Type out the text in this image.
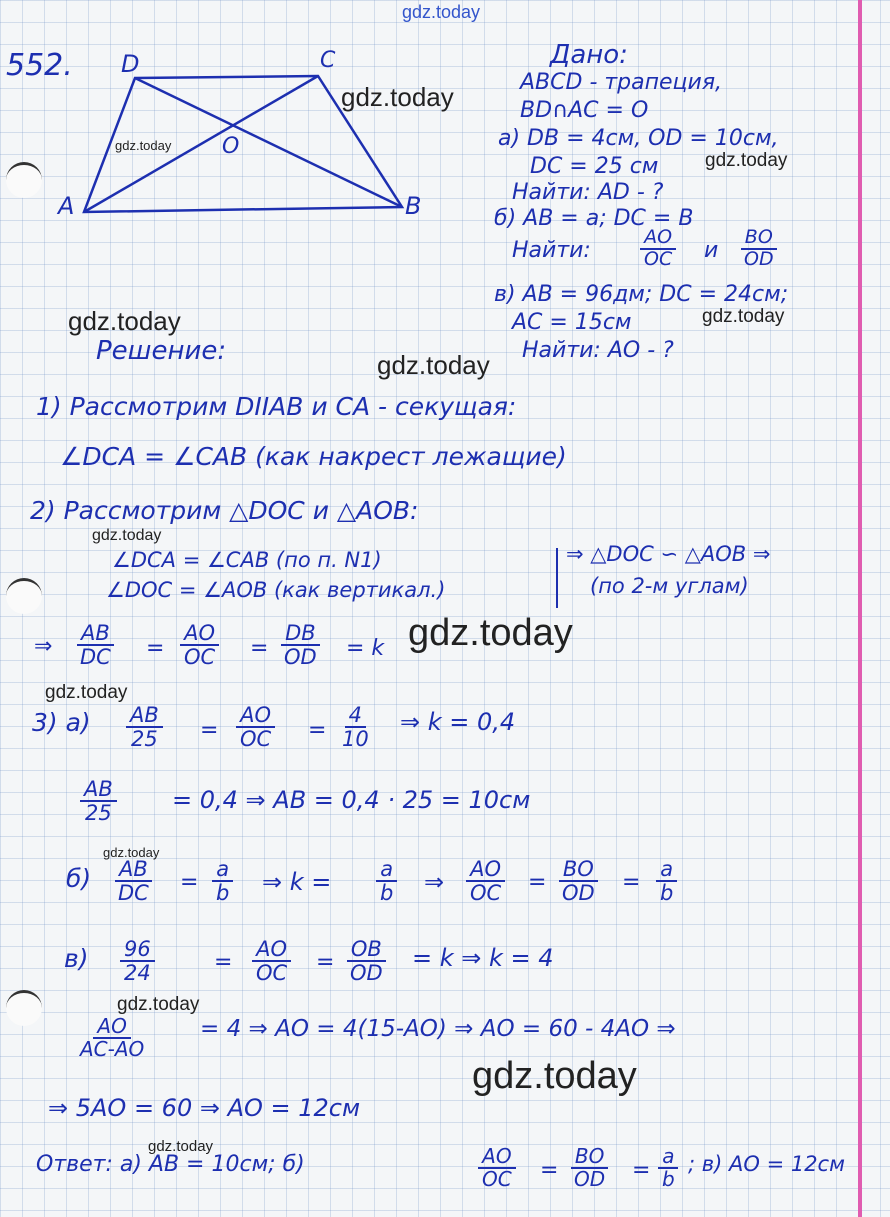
gdz.today
gdz.today
gdz.today
gdz.today
gdz.today
gdz.today
gdz.today
gdz.today
gdz.today
gdz.today
gdz.today
gdz.today
gdz.today
gdz.today
552. D	C
O
A	B
Дано:
ABCD - трапеция,
BD∩AC = O
а) DB = 4см, OD = 10см,
DC = 25 см
Найти: AD - ?
б) AB = a; DC = B
Найти:	$\frac{AO}{OC}$ и $\frac{BO}{OD}$
в) AB = 96дм; DC = 24см;
AC = 15см
Найти: AO - ?
Решение:
1) Рассмотрим DIIAB и CA - секущая:
∠DCA = ∠CAB (как накрест лежащие)
2) Рассмотрим △DOC и △AOB:
∠DCA = ∠CAB (по п. N1)
∠DOC = ∠AOB (как вертикал.)
⇒ △DOC ∽ △AOB ⇒
(по 2-м углам)
⇒ $\frac{AB}{DC} = \frac{AO}{OC} = \frac{DB}{OD} = k$
3) $а) \frac{AB}{25} = \frac{AO}{OC} = \frac{4}{10}$ ⇒ k = 0,4
$\frac{AB}{25} = 0,4$ ⇒ AB = 0,4 · 25 = 10см
$б) \frac{AB}{DC} = \frac{a}{b}$ ⇒ $k = \frac{a}{b}$ ⇒ $\frac{AO}{OC} = \frac{BO}{OD} = \frac{a}{b}$
$в) \frac{96}{24}$	= $\frac{AO}{OC} = \frac{OB}{OD} = k$ ⇒ k = 4
$\frac{AO}{AC-AO} = 4$ ⇒ AO = 4(15-AO) ⇒ AO = 60 - 4AO ⇒
⇒ 5AO = 60 ⇒ AO = 12см
Ответ: а) AB = 10см; б)	$\frac{AO}{OC} = \frac{BO}{OD} = \frac{a}{b}$ ; в) AO = 12см
